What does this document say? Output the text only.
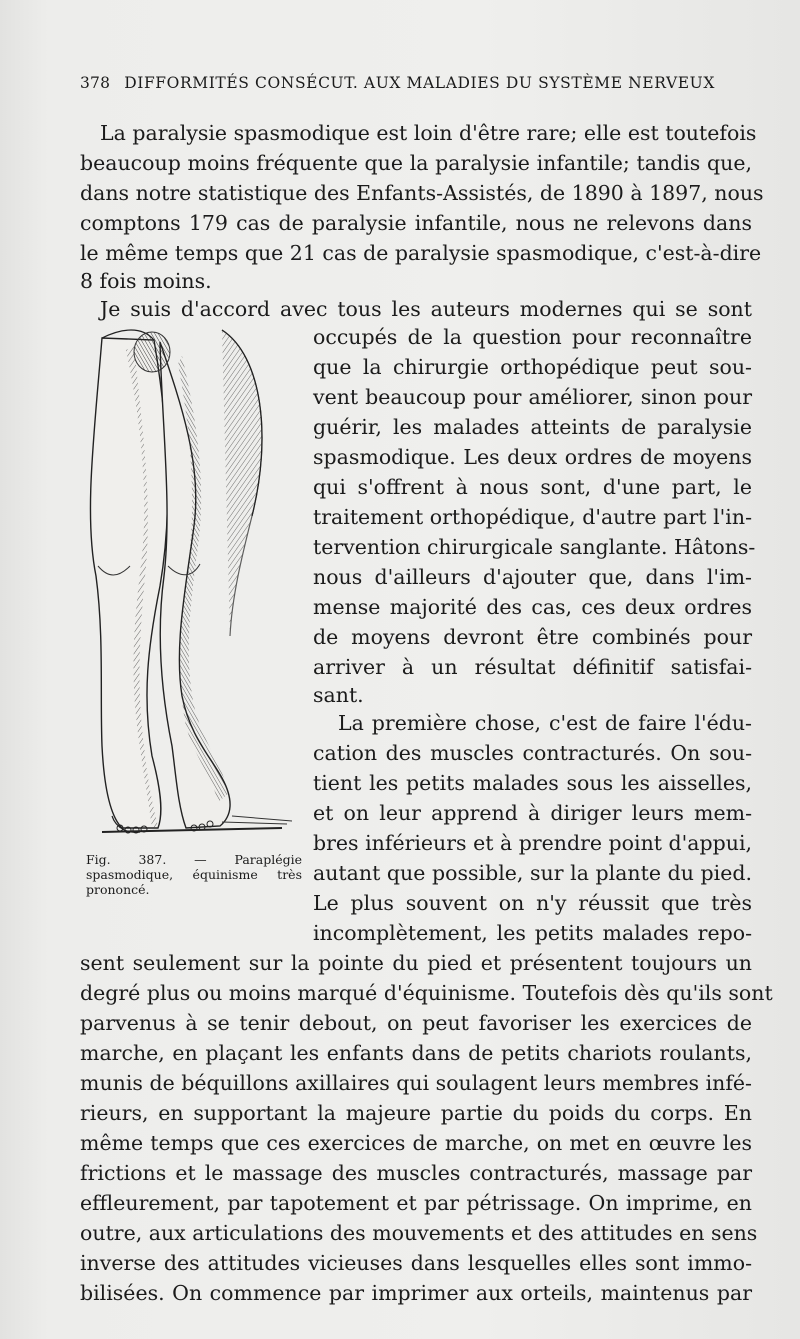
378 DIFFORMITÉS CONSÉCUT. AUX MALADIES DU SYSTÈME NERVEUX
La paralysie spasmodique est loin d'être rare; elle est toutefois
beaucoup moins fréquente que la paralysie infantile; tandis que,
dans notre statistique des Enfants-Assistés, de 1890 à 1897, nous
comptons 179 cas de paralysie infantile, nous ne relevons dans
le même temps que 21 cas de paralysie spasmodique, c'est-à-dire
8 fois moins.
Je suis d'accord avec tous les auteurs modernes qui se sont
Fig. 387. — Paraplégie spasmodique, équinisme très prononcé.
occupés de la question pour reconnaître
que la chirurgie orthopédique peut sou-
vent beaucoup pour améliorer, sinon pour
guérir, les malades atteints de paralysie
spasmodique. Les deux ordres de moyens
qui s'offrent à nous sont, d'une part, le
traitement orthopédique, d'autre part l'in-
tervention chirurgicale sanglante. Hâtons-
nous d'ailleurs d'ajouter que, dans l'im-
mense majorité des cas, ces deux ordres
de moyens devront être combinés pour
arriver à un résultat définitif satisfai-
sant.
La première chose, c'est de faire l'édu-
cation des muscles contracturés. On sou-
tient les petits malades sous les aisselles,
et on leur apprend à diriger leurs mem-
bres inférieurs et à prendre point d'appui,
autant que possible, sur la plante du pied.
Le plus souvent on n'y réussit que très
incomplètement, les petits malades repo-
sent seulement sur la pointe du pied et présentent toujours un
degré plus ou moins marqué d'équinisme. Toutefois dès qu'ils sont
parvenus à se tenir debout, on peut favoriser les exercices de
marche, en plaçant les enfants dans de petits chariots roulants,
munis de béquillons axillaires qui soulagent leurs membres infé-
rieurs, en supportant la majeure partie du poids du corps. En
même temps que ces exercices de marche, on met en œuvre les
frictions et le massage des muscles contracturés, massage par
effleurement, par tapotement et par pétrissage. On imprime, en
outre, aux articulations des mouvements et des attitudes en sens
inverse des attitudes vicieuses dans lesquelles elles sont immo-
bilisées. On commence par imprimer aux orteils, maintenus par
